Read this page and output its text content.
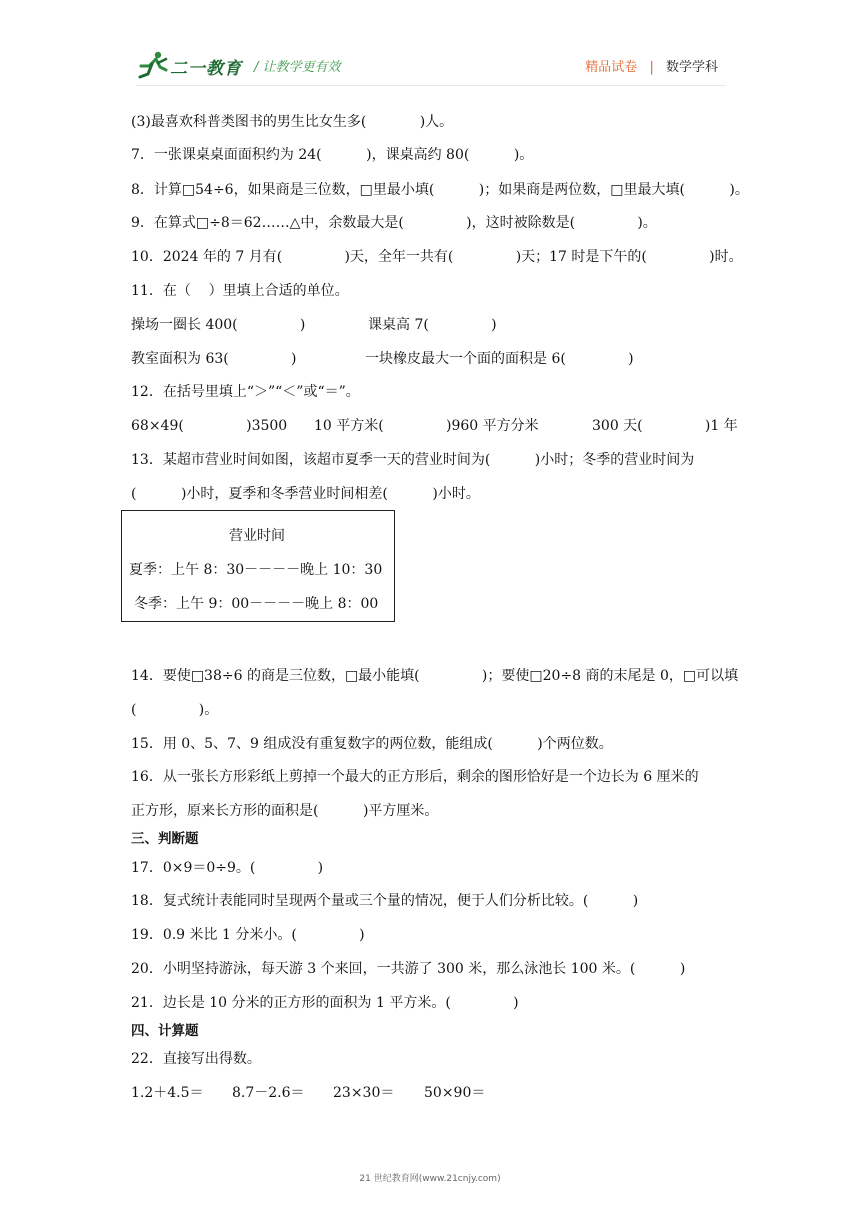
二一教育 / 让教学更有效	精品试卷 | 数学学科
(3)最喜欢科普类图书的男生比女生多(            )人。
7．一张课桌桌面面积约为 24(          )，课桌高约 80(          )。
8．计算□54÷6，如果商是三位数，□里最小填(          )；如果商是两位数，□里最大填(          )。
9．在算式□÷8＝62……△中，余数最大是(              )，这时被除数是(              )。
10．2024 年的 7 月有(              )天，全年一共有(              )天；17 时是下午的(              )时。
11．在（    ）里填上合适的单位。
操场一圈长 400(              )	课桌高 7(              )
教室面积为 63(              )	一块橡皮最大一个面的面积是 6(              )
12．在括号里填上“＞”“＜”或“＝”。
68×49(              )3500 10 平方米(              )960 平方分米	300 天(              )1 年
13．某超市营业时间如图，该超市夏季一天的营业时间为(          )小时；冬季的营业时间为
(          )小时，夏季和冬季营业时间相差(          )小时。
营业时间
夏季：上午 8：30－－－－晚上 10：30
冬季：上午 9：00－－－－晚上 8：00
14．要使□38÷6 的商是三位数，□最小能填(              )；要使□20÷8 商的末尾是 0，□可以填
(              )。
15．用 0、5、7、9 组成没有重复数字的两位数，能组成(          )个两位数。
16．从一张长方形彩纸上剪掉一个最大的正方形后，剩余的图形恰好是一个边长为 6 厘米的
正方形，原来长方形的面积是(          )平方厘米。
三、判断题
17．0×9＝0÷9。(              )
18．复式统计表能同时呈现两个量或三个量的情况，便于人们分析比较。(          )
19．0.9 米比 1 分米小。(              )
20．小明坚持游泳，每天游 3 个来回，一共游了 300 米，那么泳池长 100 米。(          )
21．边长是 10 分米的正方形的面积为 1 平方米。(              )
四、计算题
22．直接写出得数。
1.2＋4.5＝ 8.7－2.6＝ 23×30＝ 50×90＝
21 世纪教育网(www.21cnjy.com)
